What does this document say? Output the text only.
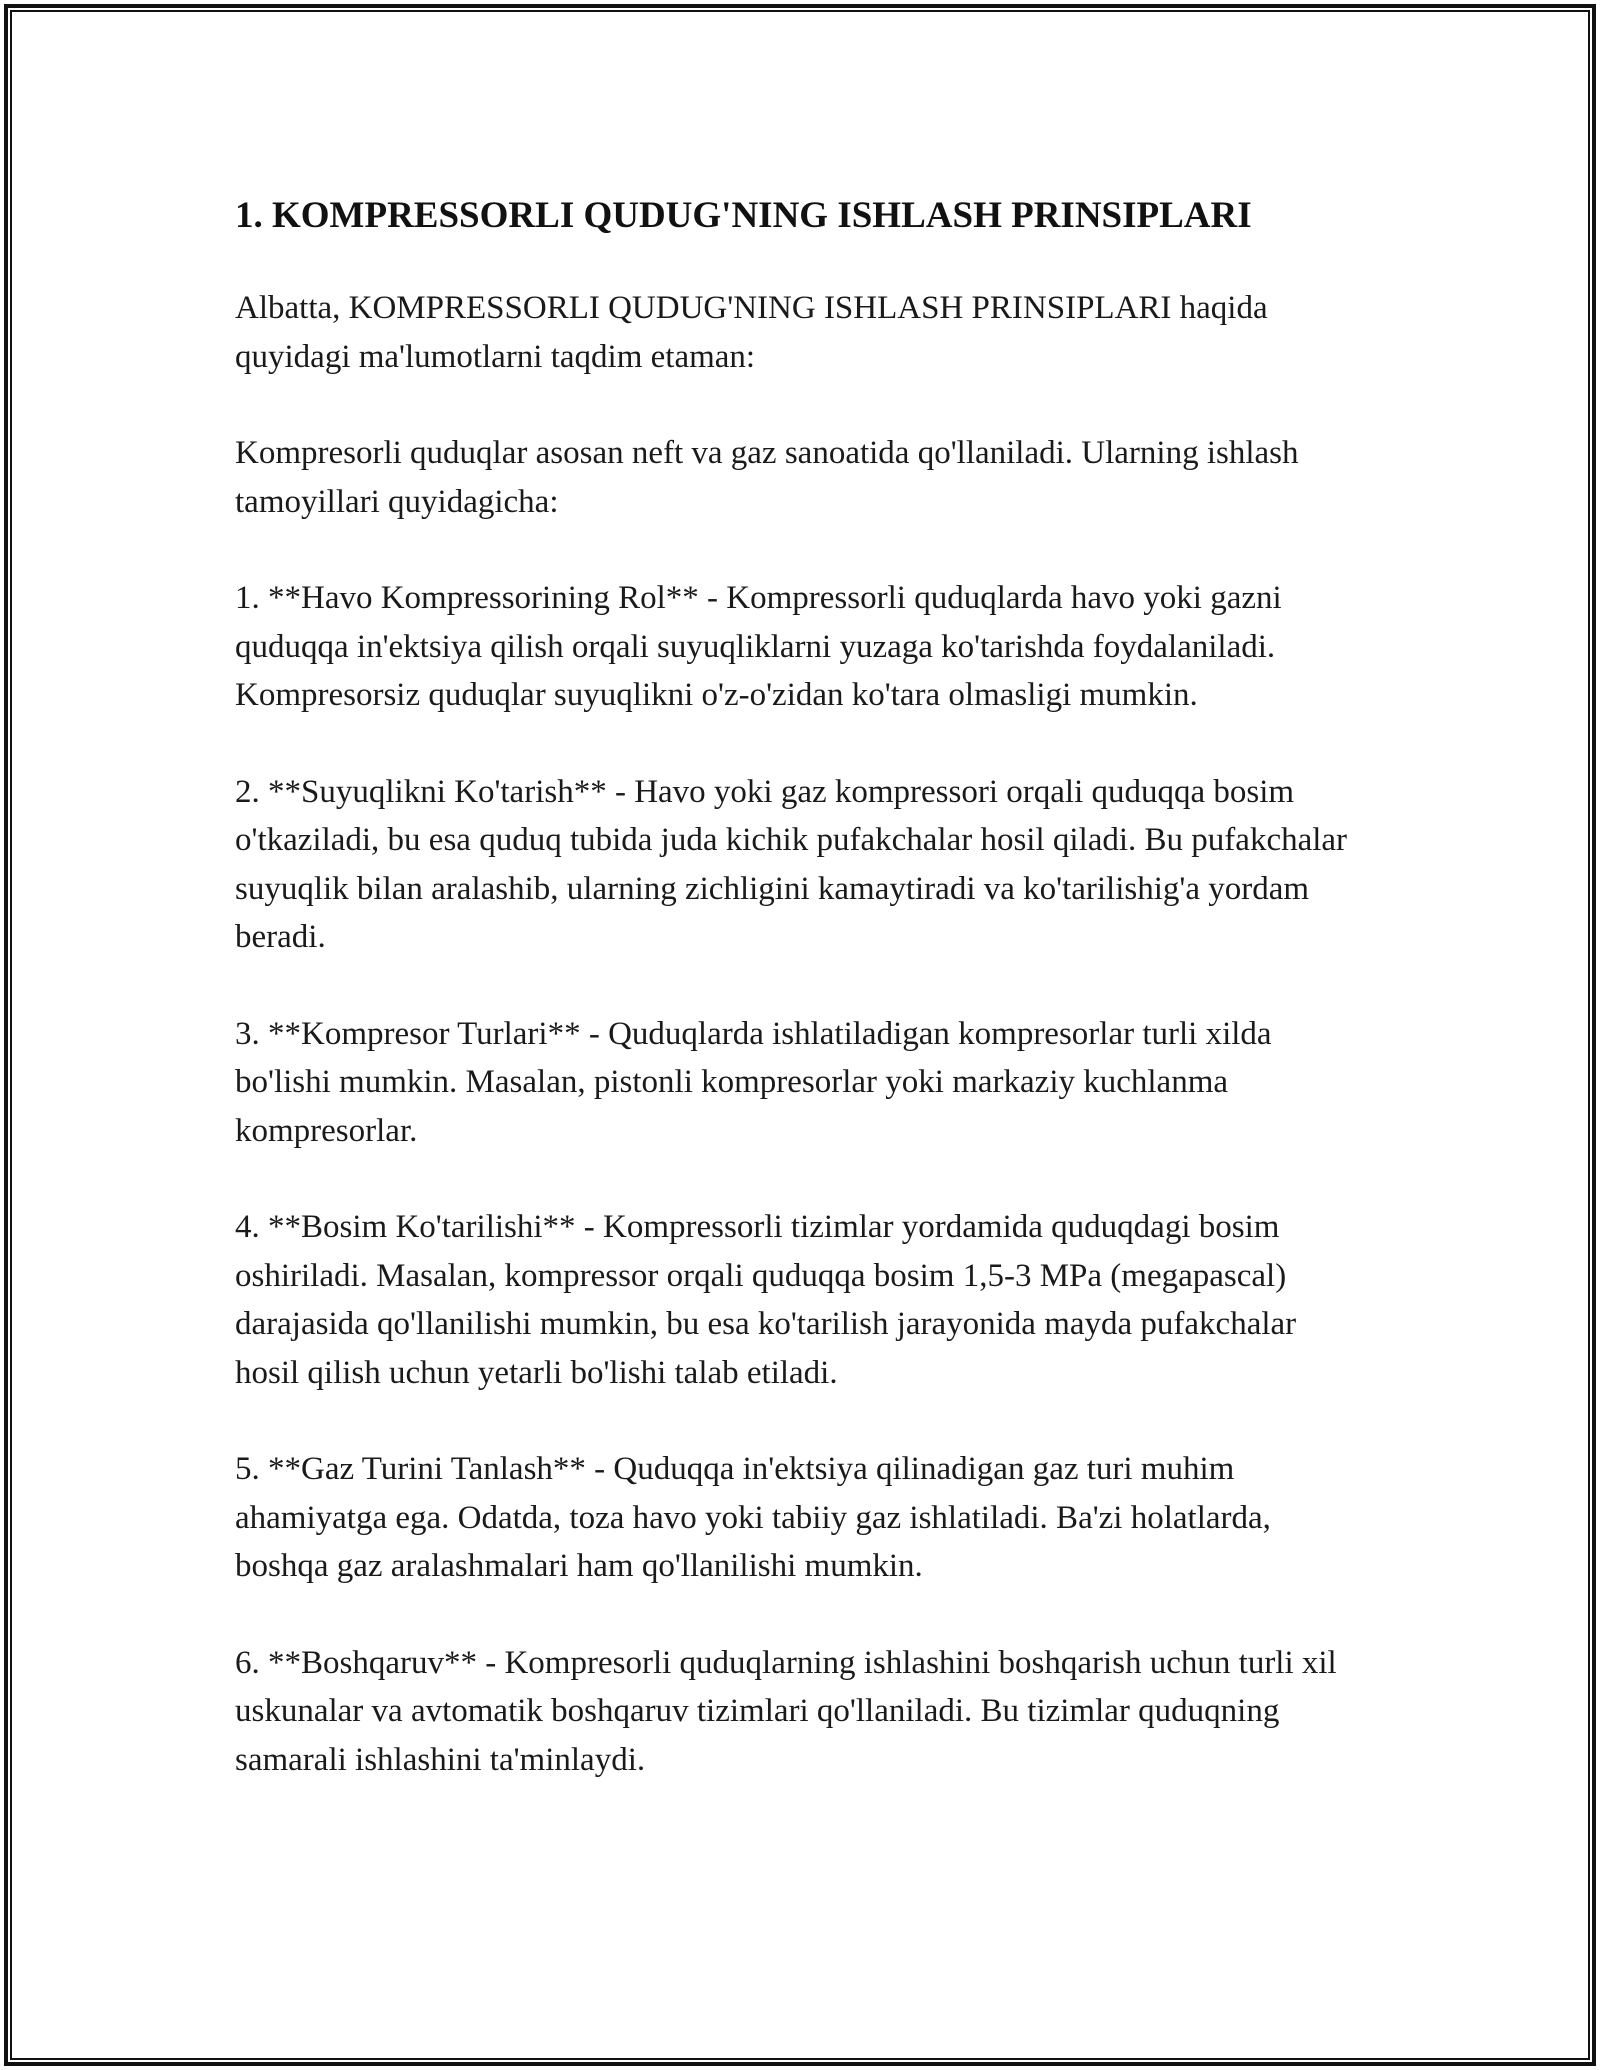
1. KOMPRESSORLI QUDUG'NING ISHLASH PRINSIPLARI

Albatta, KOMPRESSORLI QUDUG'NING ISHLASH PRINSIPLARI haqida quyidagi ma'lumotlarni taqdim etaman:

Kompresorli quduqlar asosan neft va gaz sanoatida qo'llaniladi. Ularning ishlash tamoyillari quyidagicha:

1. **Havo Kompressorining Rol** - Kompressorli quduqlarda havo yoki gazni quduqqa in'ektsiya qilish orqali suyuqliklarni yuzaga ko'tarishda foydalaniladi. Kompresorsiz quduqlar suyuqlikni o'z-o'zidan ko'tara olmasligi mumkin.

2. **Suyuqlikni Ko'tarish** - Havo yoki gaz kompressori orqali quduqqa bosim o'tkaziladi, bu esa quduq tubida juda kichik pufakchalar hosil qiladi. Bu pufakchalar suyuqlik bilan aralashib, ularning zichligini kamaytiradi va ko'tarilishig'a yordam beradi.

3. **Kompresor Turlari** - Quduqlarda ishlatiladigan kompresorlar turli xilda bo'lishi mumkin. Masalan, pistonli kompresorlar yoki markaziy kuchlanma kompresorlar.

4. **Bosim Ko'tarilishi** - Kompressorli tizimlar yordamida quduqdagi bosim oshiriladi. Masalan, kompressor orqali quduqqa bosim 1,5-3 MPa (megapascal) darajasida qo'llanilishi mumkin, bu esa ko'tarilish jarayonida mayda pufakchalar hosil qilish uchun yetarli bo'lishi talab etiladi.

5. **Gaz Turini Tanlash** - Quduqqa in'ektsiya qilinadigan gaz turi muhim ahamiyatga ega. Odatda, toza havo yoki tabiiy gaz ishlatiladi. Ba'zi holatlarda, boshqa gaz aralashmalari ham qo'llanilishi mumkin.

6. **Boshqaruv** - Kompresorli quduqlarning ishlashini boshqarish uchun turli xil uskunalar va avtomatik boshqaruv tizimlari qo'llaniladi. Bu tizimlar quduqning samarali ishlashini ta'minlaydi.
